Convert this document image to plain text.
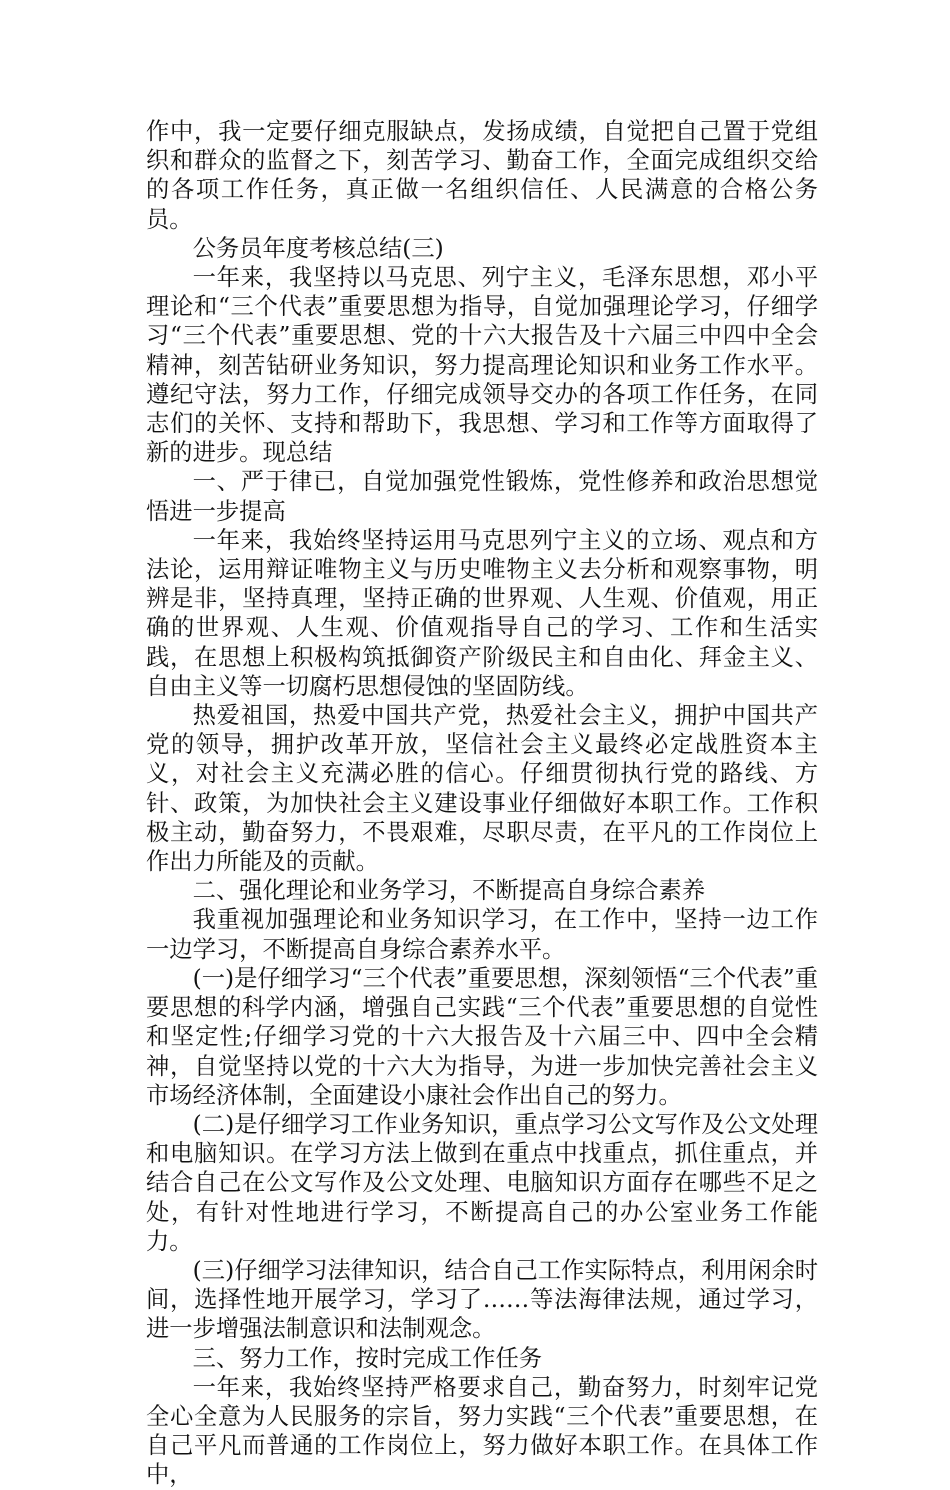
作中，我一定要仔细克服缺点，发扬成绩，自觉把自己置于党组织和群众的监督之下，刻苦学习、勤奋工作，全面完成组织交给的各项工作任务，真正做一名组织信任、人民满意的合格公务员。

公务员年度考核总结(三)

一年来，我坚持以马克思、列宁主义，毛泽东思想，邓小平理论和“三个代表”重要思想为指导，自觉加强理论学习，仔细学习“三个代表”重要思想、党的十六大报告及十六届三中四中全会精神，刻苦钻研业务知识，努力提高理论知识和业务工作水平。遵纪守法，努力工作，仔细完成领导交办的各项工作任务，在同志们的关怀、支持和帮助下，我思想、学习和工作等方面取得了新的进步。现总结

一、严于律已，自觉加强党性锻炼，党性修养和政治思想觉悟进一步提高

一年来，我始终坚持运用马克思列宁主义的立场、观点和方法论，运用辩证唯物主义与历史唯物主义去分析和观察事物，明辨是非，坚持真理，坚持正确的世界观、人生观、价值观，用正确的世界观、人生观、价值观指导自己的学习、工作和生活实践，在思想上积极构筑抵御资产阶级民主和自由化、拜金主义、自由主义等一切腐朽思想侵蚀的坚固防线。

热爱祖国，热爱中国共产党，热爱社会主义，拥护中国共产党的领导，拥护改革开放，坚信社会主义最终必定战胜资本主义，对社会主义充满必胜的信心。仔细贯彻执行党的路线、方针、政策，为加快社会主义建设事业仔细做好本职工作。工作积极主动，勤奋努力，不畏艰难，尽职尽责，在平凡的工作岗位上作出力所能及的贡献。

二、强化理论和业务学习，不断提高自身综合素养

我重视加强理论和业务知识学习，在工作中，坚持一边工作一边学习，不断提高自身综合素养水平。

(一)是仔细学习“三个代表”重要思想，深刻领悟“三个代表”重要思想的科学内涵，增强自己实践“三个代表”重要思想的自觉性和坚定性;仔细学习党的十六大报告及十六届三中、四中全会精神，自觉坚持以党的十六大为指导，为进一步加快完善社会主义市场经济体制，全面建设小康社会作出自己的努力。

(二)是仔细学习工作业务知识，重点学习公文写作及公文处理和电脑知识。在学习方法上做到在重点中找重点，抓住重点，并结合自己在公文写作及公文处理、电脑知识方面存在哪些不足之处，有针对性地进行学习，不断提高自己的办公室业务工作能力。

(三)仔细学习法律知识，结合自己工作实际特点，利用闲余时间，选择性地开展学习，学习了……等法海律法规，通过学习，进一步增强法制意识和法制观念。

三、努力工作，按时完成工作任务

一年来，我始终坚持严格要求自己，勤奋努力，时刻牢记党全心全意为人民服务的宗旨，努力实践“三个代表”重要思想，在自己平凡而普通的工作岗位上，努力做好本职工作。在具体工作中，
